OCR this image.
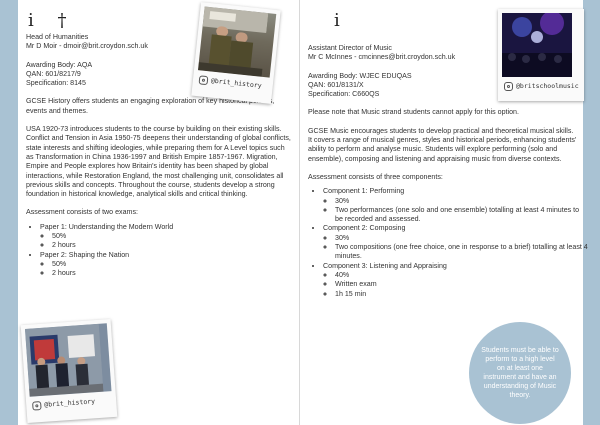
i †

Head of Humanities

Mr D Moir - dmoir@brit.croydon.sch.uk

Awarding Body: AQA

QAN: 601/8217/9

Specification: 8145

GCSE History offers students an engaging exploration of key historical periods, events and themes.

USA 1920-73 introduces students to the course by building on their existing skills. Conflict and Tension in Asia 1950-75 deepens their understanding of global conflicts, state interests and shifting ideologies, while preparing them for A Level topics such as Transformation in China 1936-1997 and British Empire 1857-1967. Migration, Empire and People explores how Britain's identity has been shaped by global interactions, while Restoration England, the most challenging unit, consolidates all previous skills and concepts. Throughout the course, students develop a strong foundation in historical knowledge, analytical skills and critical thinking.

Assessment consists of two exams:

• Paper 1: Understanding the Modern World
◦ 50%
◦ 2 hours
• Paper 2: Shaping the Nation
◦ 50%
◦ 2 hours
@brit_history
@brit_history
i

Assistant Director of Music

Mr C McInnes - cmcinnes@brit.croydon.sch.uk

Awarding Body: WJEC EDUQAS

QAN: 601/8131/X

Specification: C660QS

Please note that Music strand students cannot apply for this option.

GCSE Music encourages students to develop practical and theoretical musical skills. It covers a range of musical genres, styles and historical periods, enhancing students' ability to perform and analyse music. Students will explore performing (solo and ensemble), composing and listening and appraising music from diverse contexts.

Assessment consists of three components:

• Component 1: Performing
◦ 30%
◦ Two performances (one solo and one ensemble) totalling at least 4 minutes to be recorded and assessed.
• Component 2: Composing
◦ 30%
◦ Two compositions (one free choice, one in response to a brief) totalling at least 4 minutes.
• Component 3: Listening and Appraising
◦ 40%
◦ Written exam
◦ 1h 15 min
@britschoolmusic
Students must be able to perform to a high level on at least one instrument and have an understanding of Music theory.
